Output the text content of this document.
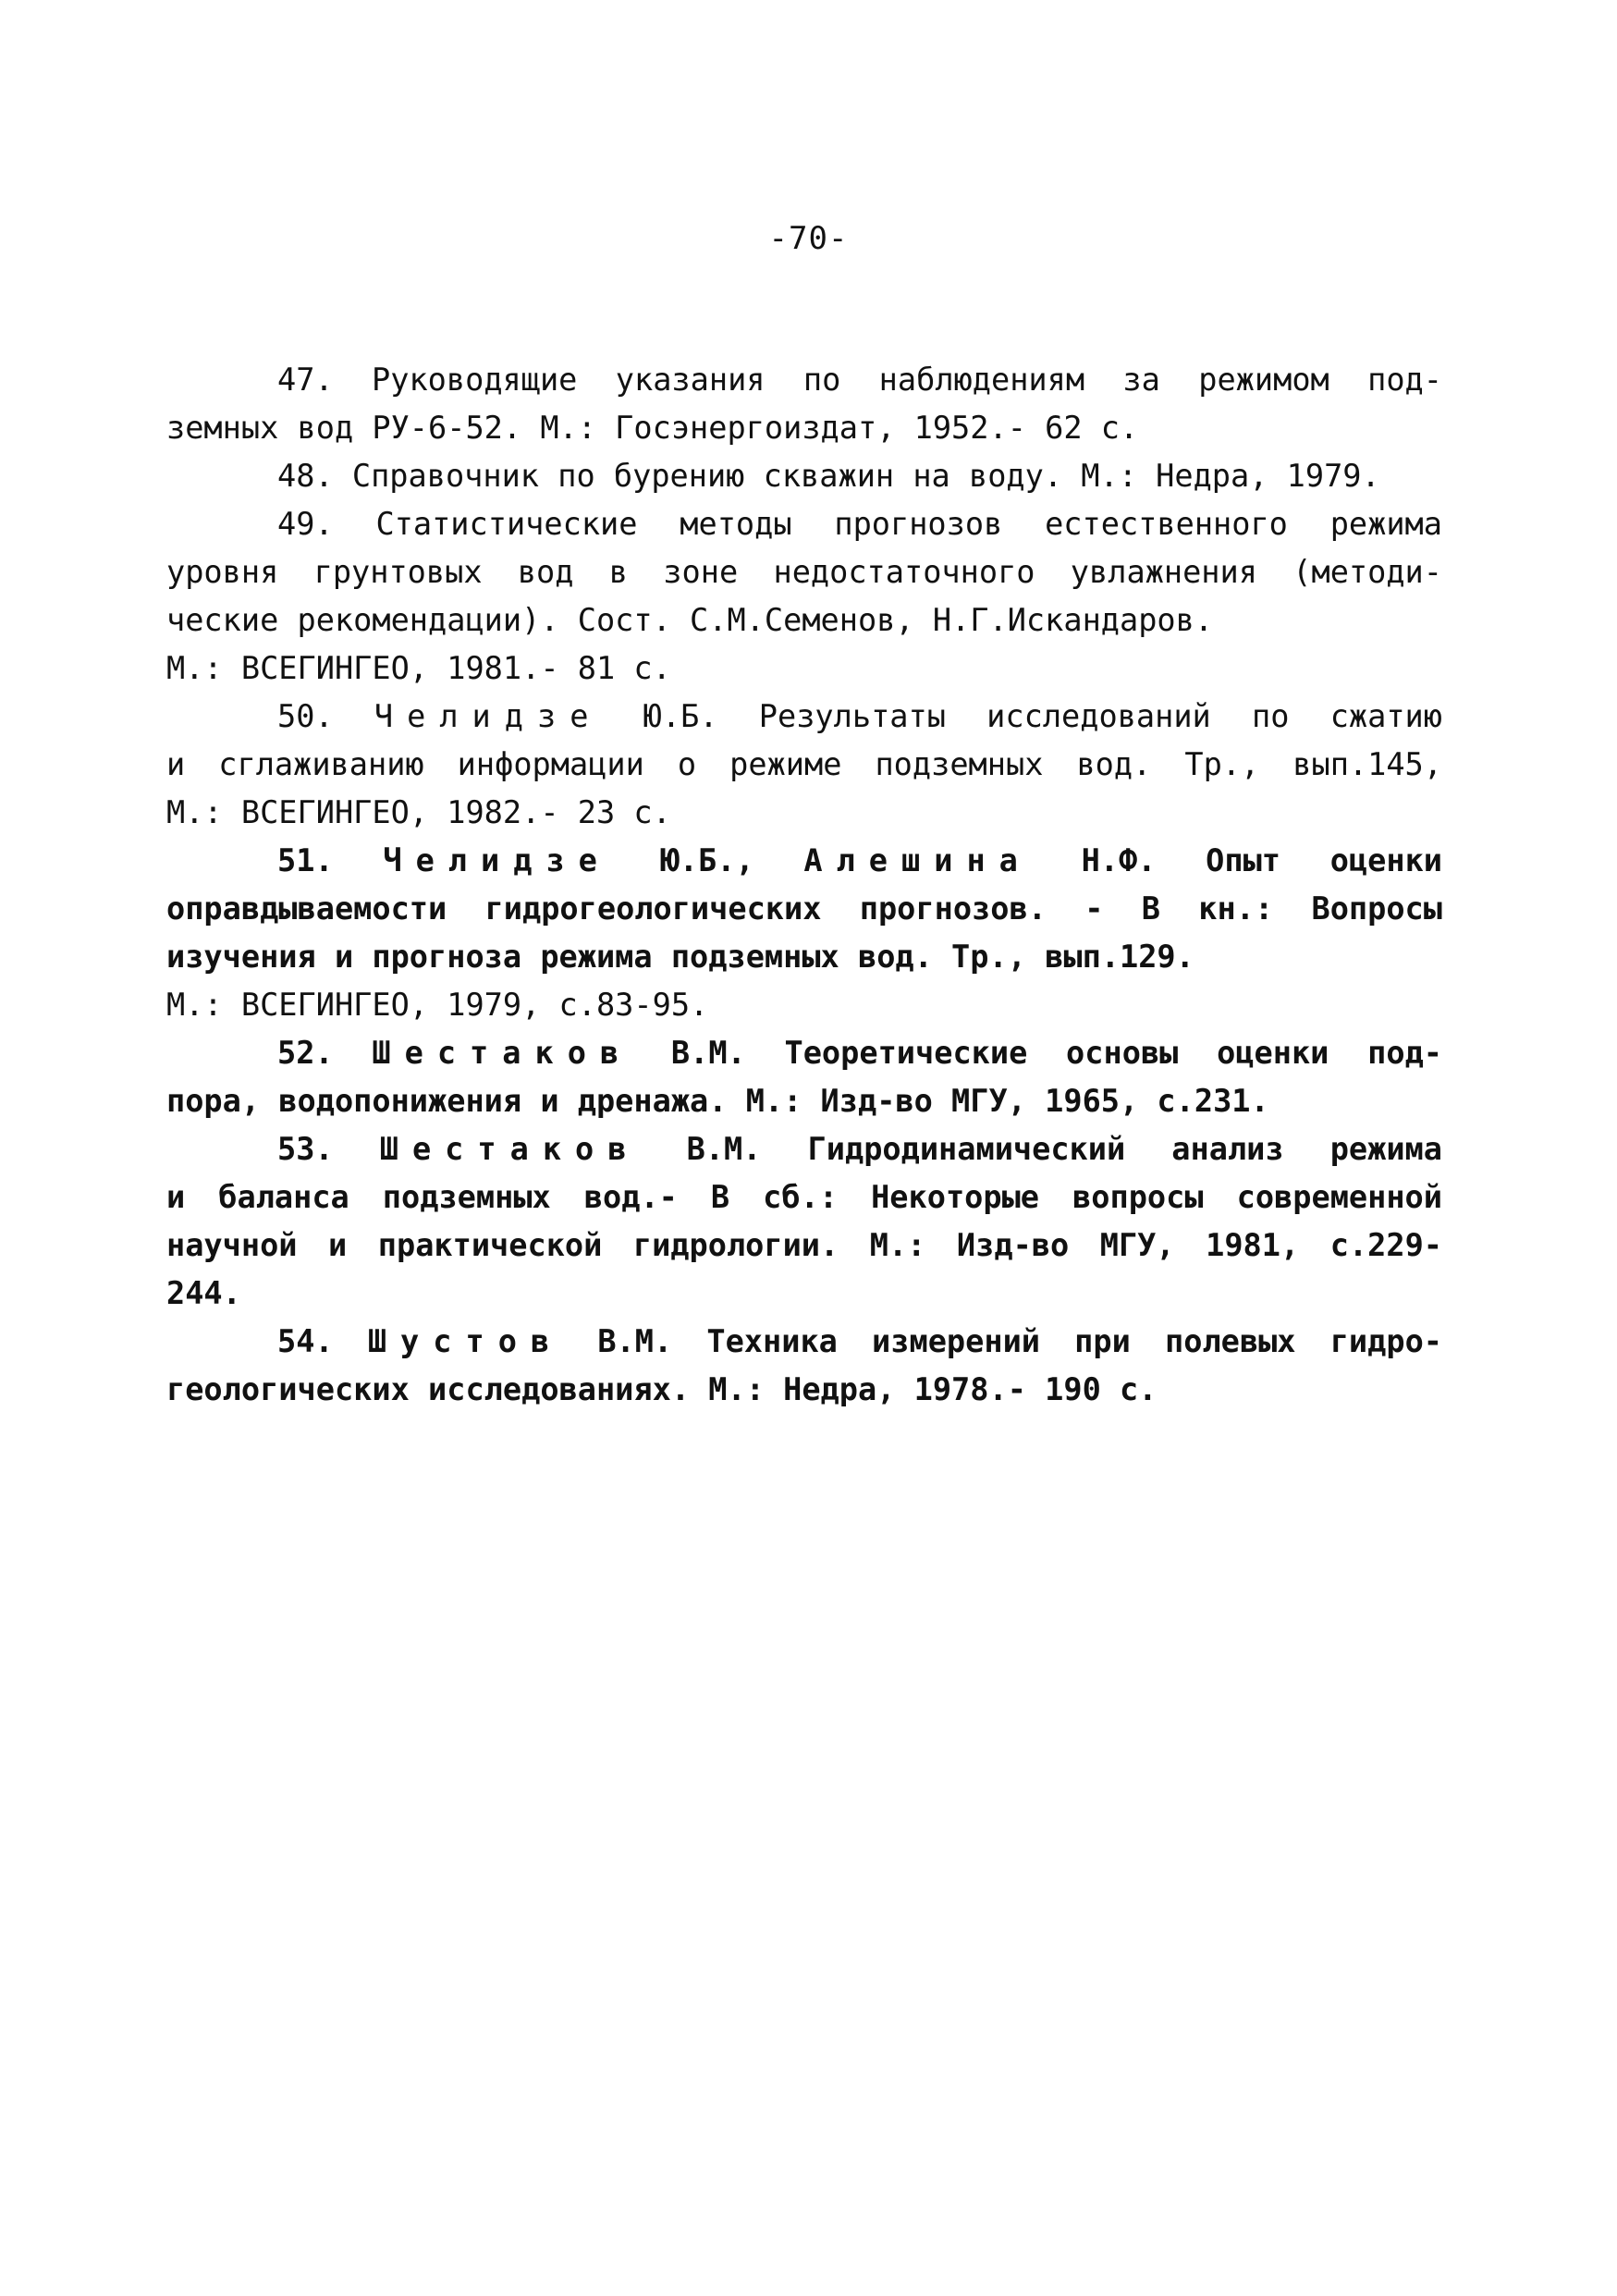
-70-
47. Руководящие указания по наблюдениям за режимом под-
земных вод РУ-6-52. М.: Госэнергоиздат, 1952.- 62 с.
48. Справочник по бурению скважин на воду. М.: Недра, 1979.
49. Статистические методы прогнозов естественного режима
уровня грунтовых вод в зоне недостаточного увлажнения (методи-
ческие рекомендации). Сост. С.М.Семенов, Н.Г.Искандаров.
М.: ВСЕГИНГЕО, 1981.- 81 с.
50. Челидзе Ю.Б. Результаты исследований по сжатию
и сглаживанию информации о режиме подземных вод. Тр., вып.145,
М.: ВСЕГИНГЕО, 1982.- 23 с.
51. Челидзе Ю.Б., Алешина Н.Ф. Опыт оценки
оправдываемости гидрогеологических прогнозов. - В кн.: Вопросы
изучения и прогноза режима подземных вод. Тр., вып.129.
М.: ВСЕГИНГЕО, 1979, с.83-95.
52. Шестаков В.М. Теоретические основы оценки под-
пора, водопонижения и дренажа. М.: Изд-во МГУ, 1965, с.231.
53. Шестаков В.М. Гидродинамический анализ режима
и баланса подземных вод.- В сб.: Некоторые вопросы современной
научной и практической гидрологии. М.: Изд-во МГУ, 1981, с.229-
244.
54. Шустов В.М. Техника измерений при полевых гидро-
геологических исследованиях. М.: Недра, 1978.- 190 с.
